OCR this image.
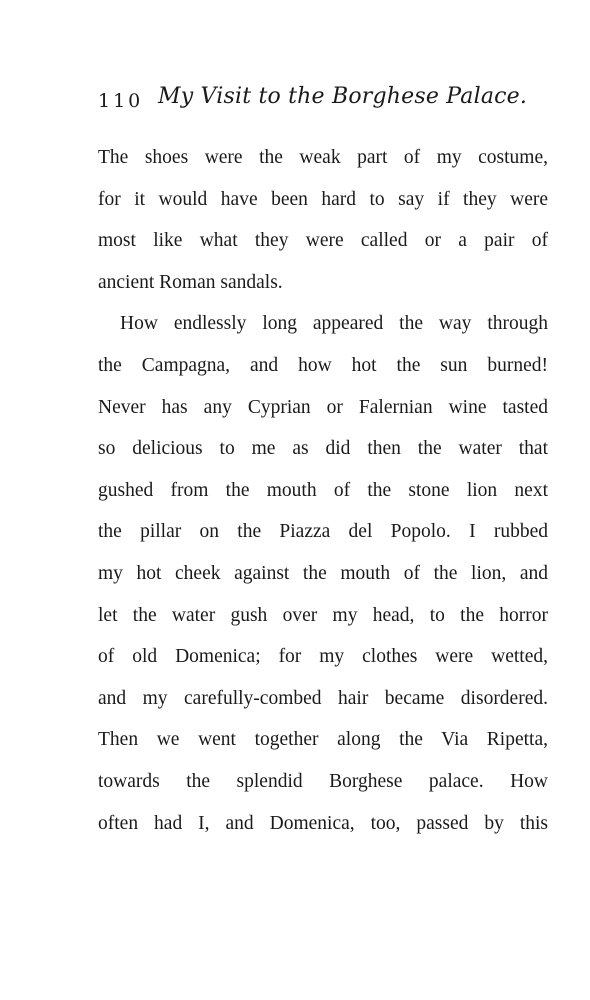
110 My Visit to the Borghese Palace.
The shoes were the weak part of my costume,
for it would have been hard to say if they were
most like what they were called or a pair of
ancient Roman sandals.
How endlessly long appeared the way through
the Campagna, and how hot the sun burned!
Never has any Cyprian or Falernian wine tasted
so delicious to me as did then the water that
gushed from the mouth of the stone lion next
the pillar on the Piazza del Popolo. I rubbed
my hot cheek against the mouth of the lion, and
let the water gush over my head, to the horror
of old Domenica; for my clothes were wetted,
and my carefully-combed hair became disordered.
Then we went together along the Via Ripetta,
towards the splendid Borghese palace. How
often had I, and Domenica, too, passed by this
